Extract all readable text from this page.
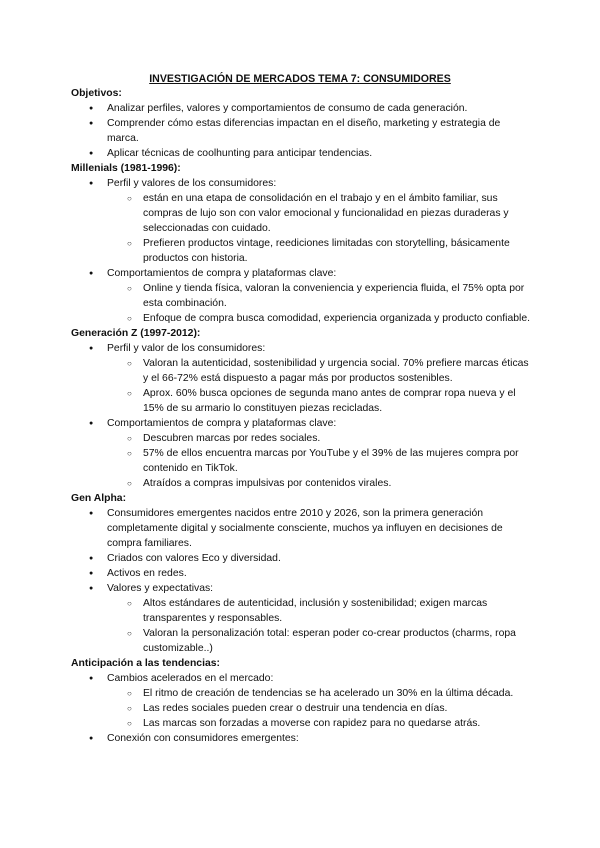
INVESTIGACIÓN DE MERCADOS TEMA 7: CONSUMIDORES
Objetivos:
● Analizar perfiles, valores y comportamientos de consumo de cada generación.
● Comprender cómo estas diferencias impactan en el diseño, marketing y estrategia de marca.
● Aplicar técnicas de coolhunting para anticipar tendencias.
Millenials (1981-1996):
● Perfil y valores de los consumidores:
○ están en una etapa de consolidación en el trabajo y en el ámbito familiar, sus compras de lujo son con valor emocional y funcionalidad en piezas duraderas y seleccionadas con cuidado.
○ Prefieren productos vintage, reediciones limitadas con storytelling, básicamente productos con historia.
● Comportamientos de compra y plataformas clave:
○ Online y tienda física, valoran la conveniencia y experiencia fluida, el 75% opta por esta combinación.
○ Enfoque de compra busca comodidad, experiencia organizada y producto confiable.
Generación Z (1997-2012):
● Perfil y valor de los consumidores:
○ Valoran la autenticidad, sostenibilidad y urgencia social. 70% prefiere marcas éticas y el 66-72% está dispuesto a pagar más por productos sostenibles.
○ Aprox. 60% busca opciones de segunda mano antes de comprar ropa nueva y el 15% de su armario lo constituyen piezas recicladas.
● Comportamientos de compra y plataformas clave:
○ Descubren marcas por redes sociales.
○ 57% de ellos encuentra marcas por YouTube y el 39% de las mujeres compra por contenido en TikTok.
○ Atraídos a compras impulsivas por contenidos virales.
Gen Alpha:
● Consumidores emergentes nacidos entre 2010 y 2026, son la primera generación completamente digital y socialmente consciente, muchos ya influyen en decisiones de compra familiares.
● Criados con valores Eco y diversidad.
● Activos en redes.
● Valores y expectativas:
○ Altos estándares de autenticidad, inclusión y sostenibilidad; exigen marcas transparentes y responsables.
○ Valoran la personalización total: esperan poder co-crear productos (charms, ropa customizable..)
Anticipación a las tendencias:
● Cambios acelerados en el mercado:
○ El ritmo de creación de tendencias se ha acelerado un 30% en la última década.
○ Las redes sociales pueden crear o destruir una tendencia en días.
○ Las marcas son forzadas a moverse con rapidez para no quedarse atrás.
● Conexión con consumidores emergentes:
